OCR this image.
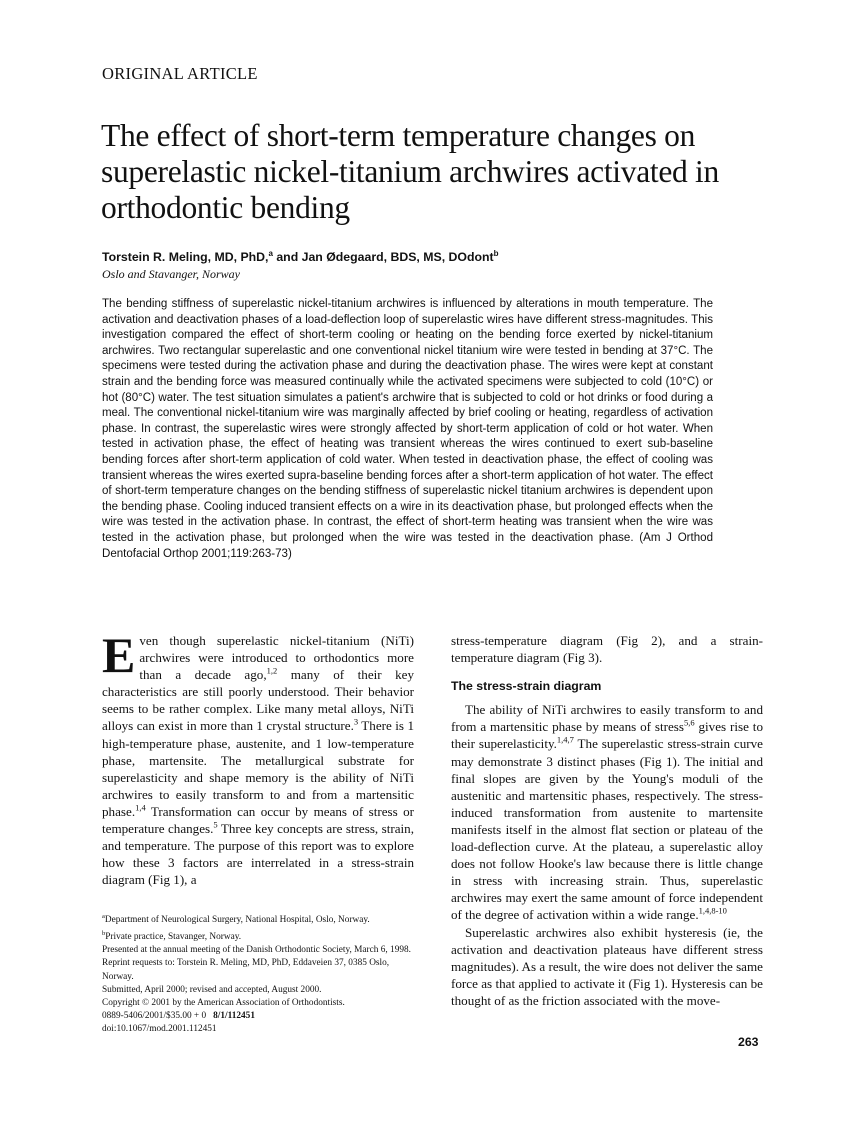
ORIGINAL ARTICLE
The effect of short-term temperature changes on superelastic nickel-titanium archwires activated in orthodontic bending
Torstein R. Meling, MD, PhD,$^a$ and Jan Ødegaard, BDS, MS, DOdont$^b$
Oslo and Stavanger, Norway

The bending stiffness of superelastic nickel-titanium archwires is influenced by alterations in mouth temperature. The activation and deactivation phases of a load-deflection loop of superelastic wires have different stress-magnitudes. This investigation compared the effect of short-term cooling or heating on the bending force exerted by nickel-titanium archwires. Two rectangular superelastic and one conventional nickel titanium wire were tested in bending at 37°C. The specimens were tested during the activation phase and during the deactivation phase. The wires were kept at constant strain and the bending force was measured continually while the activated specimens were subjected to cold (10°C) or hot (80°C) water. The test situation simulates a patient's archwire that is subjected to cold or hot drinks or food during a meal. The conventional nickel-titanium wire was marginally affected by brief cooling or heating, regardless of activation phase. In contrast, the superelastic wires were strongly affected by short-term application of cold or hot water. When tested in activation phase, the effect of heating was transient whereas the wires continued to exert sub-baseline bending forces after short-term application of cold water. When tested in deactivation phase, the effect of cooling was transient whereas the wires exerted supra-baseline bending forces after a short-term application of hot water. The effect of short-term temperature changes on the bending stiffness of superelastic nickel titanium archwires is dependent upon the bending phase. Cooling induced transient effects on a wire in its deactivation phase, but prolonged effects when the wire was tested in the activation phase. In contrast, the effect of short-term heating was transient when the wire was tested in the activation phase, but prolonged when the wire was tested in the deactivation phase. (Am J Orthod Dentofacial Orthop 2001;119:263-73)

Even though superelastic nickel-titanium (NiTi) archwires were introduced to orthodontics more than a decade ago,$^{1,2}$ many of their key characteristics are still poorly understood. Their behavior seems to be rather complex. Like many metal alloys, NiTi alloys can exist in more than 1 crystal structure.$^3$ There is 1 high-temperature phase, austenite, and 1 low-temperature phase, martensite. The metallurgical substrate for superelasticity and shape memory is the ability of NiTi archwires to easily transform to and from a martensitic phase.$^{1,4}$ Transformation can occur by means of stress or temperature changes.$^5$ Three key concepts are stress, strain, and temperature. The purpose of this report was to explore how these 3 factors are interrelated in a stress-strain diagram (Fig 1), a

stress-temperature diagram (Fig 2), and a strain-temperature diagram (Fig 3).

The stress-strain diagram

The ability of NiTi archwires to easily transform to and from a martensitic phase by means of stress$^{5,6}$ gives rise to their superelasticity.$^{1,4,7}$ The superelastic stress-strain curve may demonstrate 3 distinct phases (Fig 1). The initial and final slopes are given by the Young's moduli of the austenitic and martensitic phases, respectively. The stress-induced transformation from austenite to martensite manifests itself in the almost flat section or plateau of the load-deflection curve. At the plateau, a superelastic alloy does not follow Hooke's law because there is little change in stress with increasing strain. Thus, superelastic archwires may exert the same amount of force independent of the degree of activation within a wide range.$^{1,4,8-10}$

Superelastic archwires also exhibit hysteresis (ie, the activation and deactivation plateaus have different stress magnitudes). As a result, the wire does not deliver the same force as that applied to activate it (Fig 1). Hysteresis can be thought of as the friction associated with the move-

$^a$Department of Neurological Surgery, National Hospital, Oslo, Norway.
$^b$Private practice, Stavanger, Norway.
Presented at the annual meeting of the Danish Orthodontic Society, March 6, 1998.
Reprint requests to: Torstein R. Meling, MD, PhD, Eddaveien 37, 0385 Oslo, Norway.
Submitted, April 2000; revised and accepted, August 2000.
Copyright © 2001 by the American Association of Orthodontists.
0889-5406/2001/$35.00 + 0 8/1/112451
doi:10.1067/mod.2001.112451
263
